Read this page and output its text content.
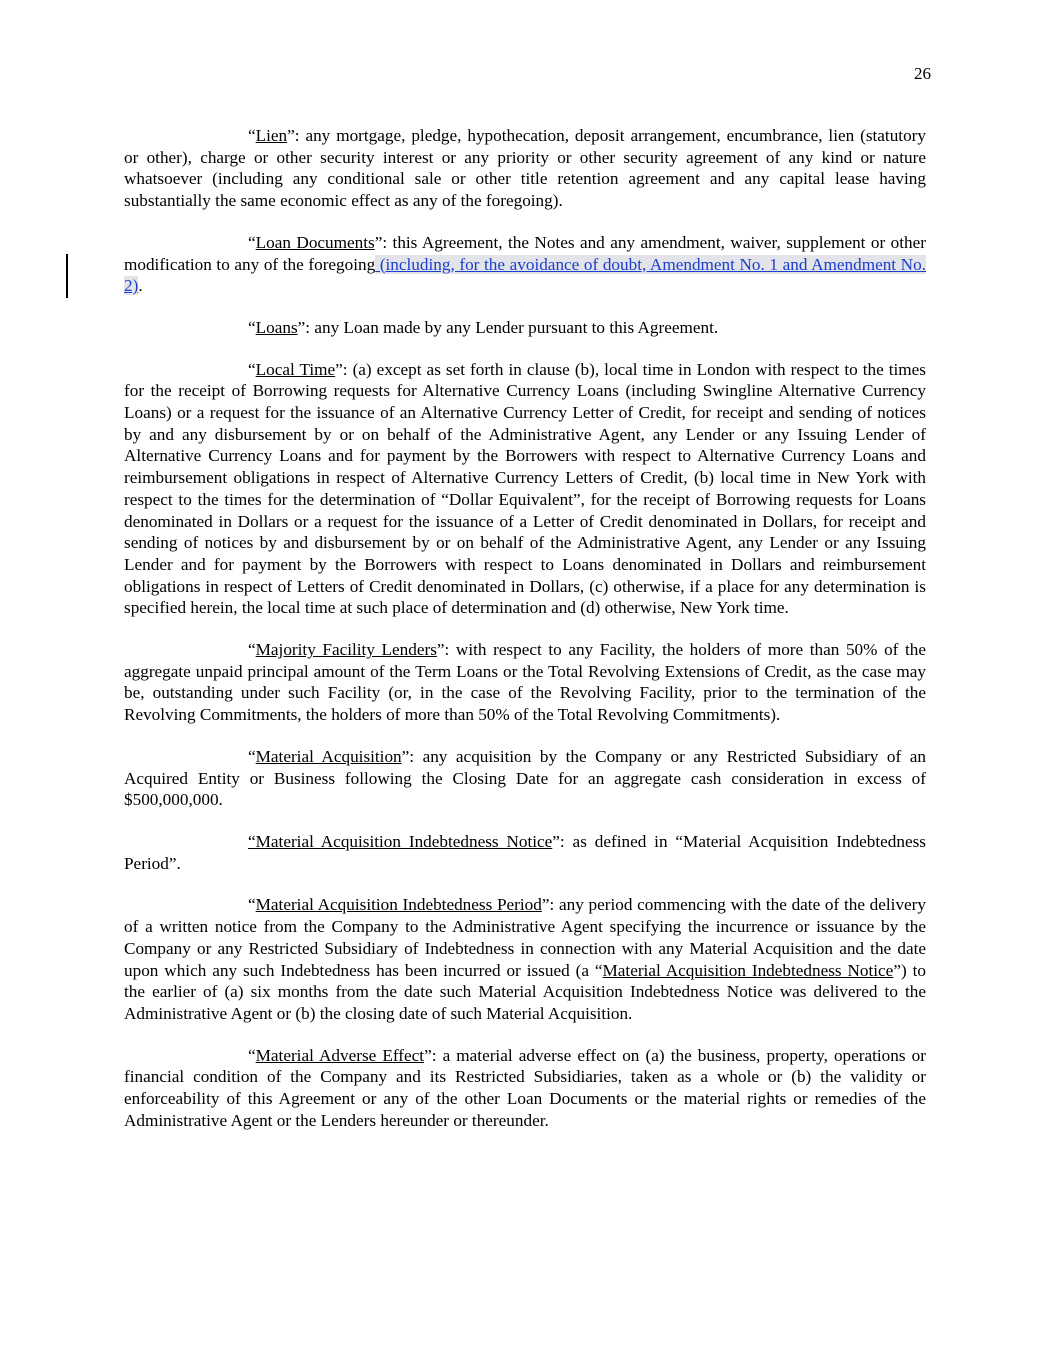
26

“Lien”: any mortgage, pledge, hypothecation, deposit arrangement, encumbrance, lien (statutory or other), charge or other security interest or any priority or other security agreement of any kind or nature whatsoever (including any conditional sale or other title retention agreement and any capital lease having substantially the same economic effect as any of the foregoing).

“Loan Documents”: this Agreement, the Notes and any amendment, waiver, supplement or other modification to any of the foregoing (including, for the avoidance of doubt, Amendment No. 1 and Amendment No. 2).

“Loans”: any Loan made by any Lender pursuant to this Agreement.

“Local Time”: (a) except as set forth in clause (b), local time in London with respect to the times for the receipt of Borrowing requests for Alternative Currency Loans (including Swingline Alternative Currency Loans) or a request for the issuance of an Alternative Currency Letter of Credit, for receipt and sending of notices by and any disbursement by or on behalf of the Administrative Agent, any Lender or any Issuing Lender of Alternative Currency Loans and for payment by the Borrowers with respect to Alternative Currency Loans and reimbursement obligations in respect of Alternative Currency Letters of Credit, (b) local time in New York with respect to the times for the determination of “Dollar Equivalent”, for the receipt of Borrowing requests for Loans denominated in Dollars or a request for the issuance of a Letter of Credit denominated in Dollars, for receipt and sending of notices by and disbursement by or on behalf of the Administrative Agent, any Lender or any Issuing Lender and for payment by the Borrowers with respect to Loans denominated in Dollars and reimbursement obligations in respect of Letters of Credit denominated in Dollars, (c) otherwise, if a place for any determination is specified herein, the local time at such place of determination and (d) otherwise, New York time.

“Majority Facility Lenders”: with respect to any Facility, the holders of more than 50% of the aggregate unpaid principal amount of the Term Loans or the Total Revolving Extensions of Credit, as the case may be, outstanding under such Facility (or, in the case of the Revolving Facility, prior to the termination of the Revolving Commitments, the holders of more than 50% of the Total Revolving Commitments).

“Material Acquisition”: any acquisition by the Company or any Restricted Subsidiary of an Acquired Entity or Business following the Closing Date for an aggregate cash consideration in excess of $500,000,000.

“Material Acquisition Indebtedness Notice”: as defined in “Material Acquisition Indebtedness Period”.

“Material Acquisition Indebtedness Period”: any period commencing with the date of the delivery of a written notice from the Company to the Administrative Agent specifying the incurrence or issuance by the Company or any Restricted Subsidiary of Indebtedness in connection with any Material Acquisition and the date upon which any such Indebtedness has been incurred or issued (a “Material Acquisition Indebtedness Notice”) to the earlier of (a) six months from the date such Material Acquisition Indebtedness Notice was delivered to the Administrative Agent or (b) the closing date of such Material Acquisition.

“Material Adverse Effect”: a material adverse effect on (a) the business, property, operations or financial condition of the Company and its Restricted Subsidiaries, taken as a whole or (b) the validity or enforceability of this Agreement or any of the other Loan Documents or the material rights or remedies of the Administrative Agent or the Lenders hereunder or thereunder.
